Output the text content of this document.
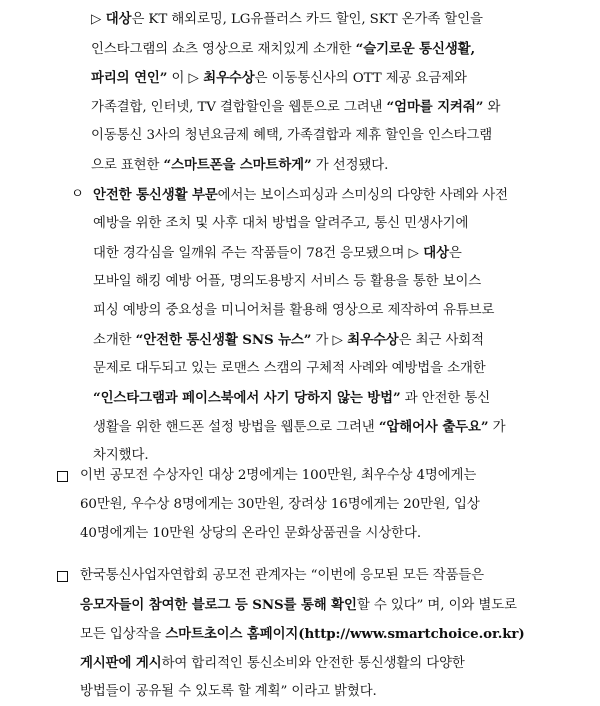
▷ 대상은 KT 해외로밍, LG유플러스 카드 할인, SKT 온가족 할인을
인스타그램의 쇼츠 영상으로 재치있게 소개한 “슬기로운 통신생활,
파리의 연인” 이 ▷ 최우수상은 이동통신사의 OTT 제공 요금제와
가족결합, 인터넷, TV 결합할인을 웹툰으로 그려낸 “엄마를 지켜줘” 와
이동통신 3사의 청년요금제 혜택, 가족결합과 제휴 할인을 인스타그램
으로 표현한 “스마트폰을 스마트하게” 가 선정됐다.
ㅇ 안전한 통신생활 부문에서는 보이스피싱과 스미싱의 다양한 사례와 사전
예방을 위한 조치 및 사후 대처 방법을 알려주고, 통신 민생사기에
대한 경각심을 일깨워 주는 작품들이 78건 응모됐으며 ▷ 대상은
모바일 해킹 예방 어플, 명의도용방지 서비스 등 활용을 통한 보이스
피싱 예방의 중요성을 미니어처를 활용해 영상으로 제작하여 유튜브로
소개한 “안전한 통신생활 SNS 뉴스” 가 ▷ 최우수상은 최근 사회적
문제로 대두되고 있는 로맨스 스캠의 구체적 사례와 예방법을 소개한
“인스타그램과 페이스북에서 사기 당하지 않는 방법” 과 안전한 통신
생활을 위한 핸드폰 설정 방법을 웹툰으로 그려낸 “압해어사 출두요” 가
차지했다.
이번 공모전 수상자인 대상 2명에게는 100만원, 최우수상 4명에게는
60만원, 우수상 8명에게는 30만원, 장려상 16명에게는 20만원, 입상
40명에게는 10만원 상당의 온라인 문화상품권을 시상한다.
한국통신사업자연합회 공모전 관계자는 “이번에 응모된 모든 작품들은
응모자들이 참여한 블로그 등 SNS를 통해 확인할 수 있다” 며, 이와 별도로
모든 입상작을 스마트초이스 홈페이지(http://www.smartchoice.or.kr)
게시판에 게시하여 합리적인 통신소비와 안전한 통신생활의 다양한
방법들이 공유될 수 있도록 할 계획” 이라고 밝혔다.
